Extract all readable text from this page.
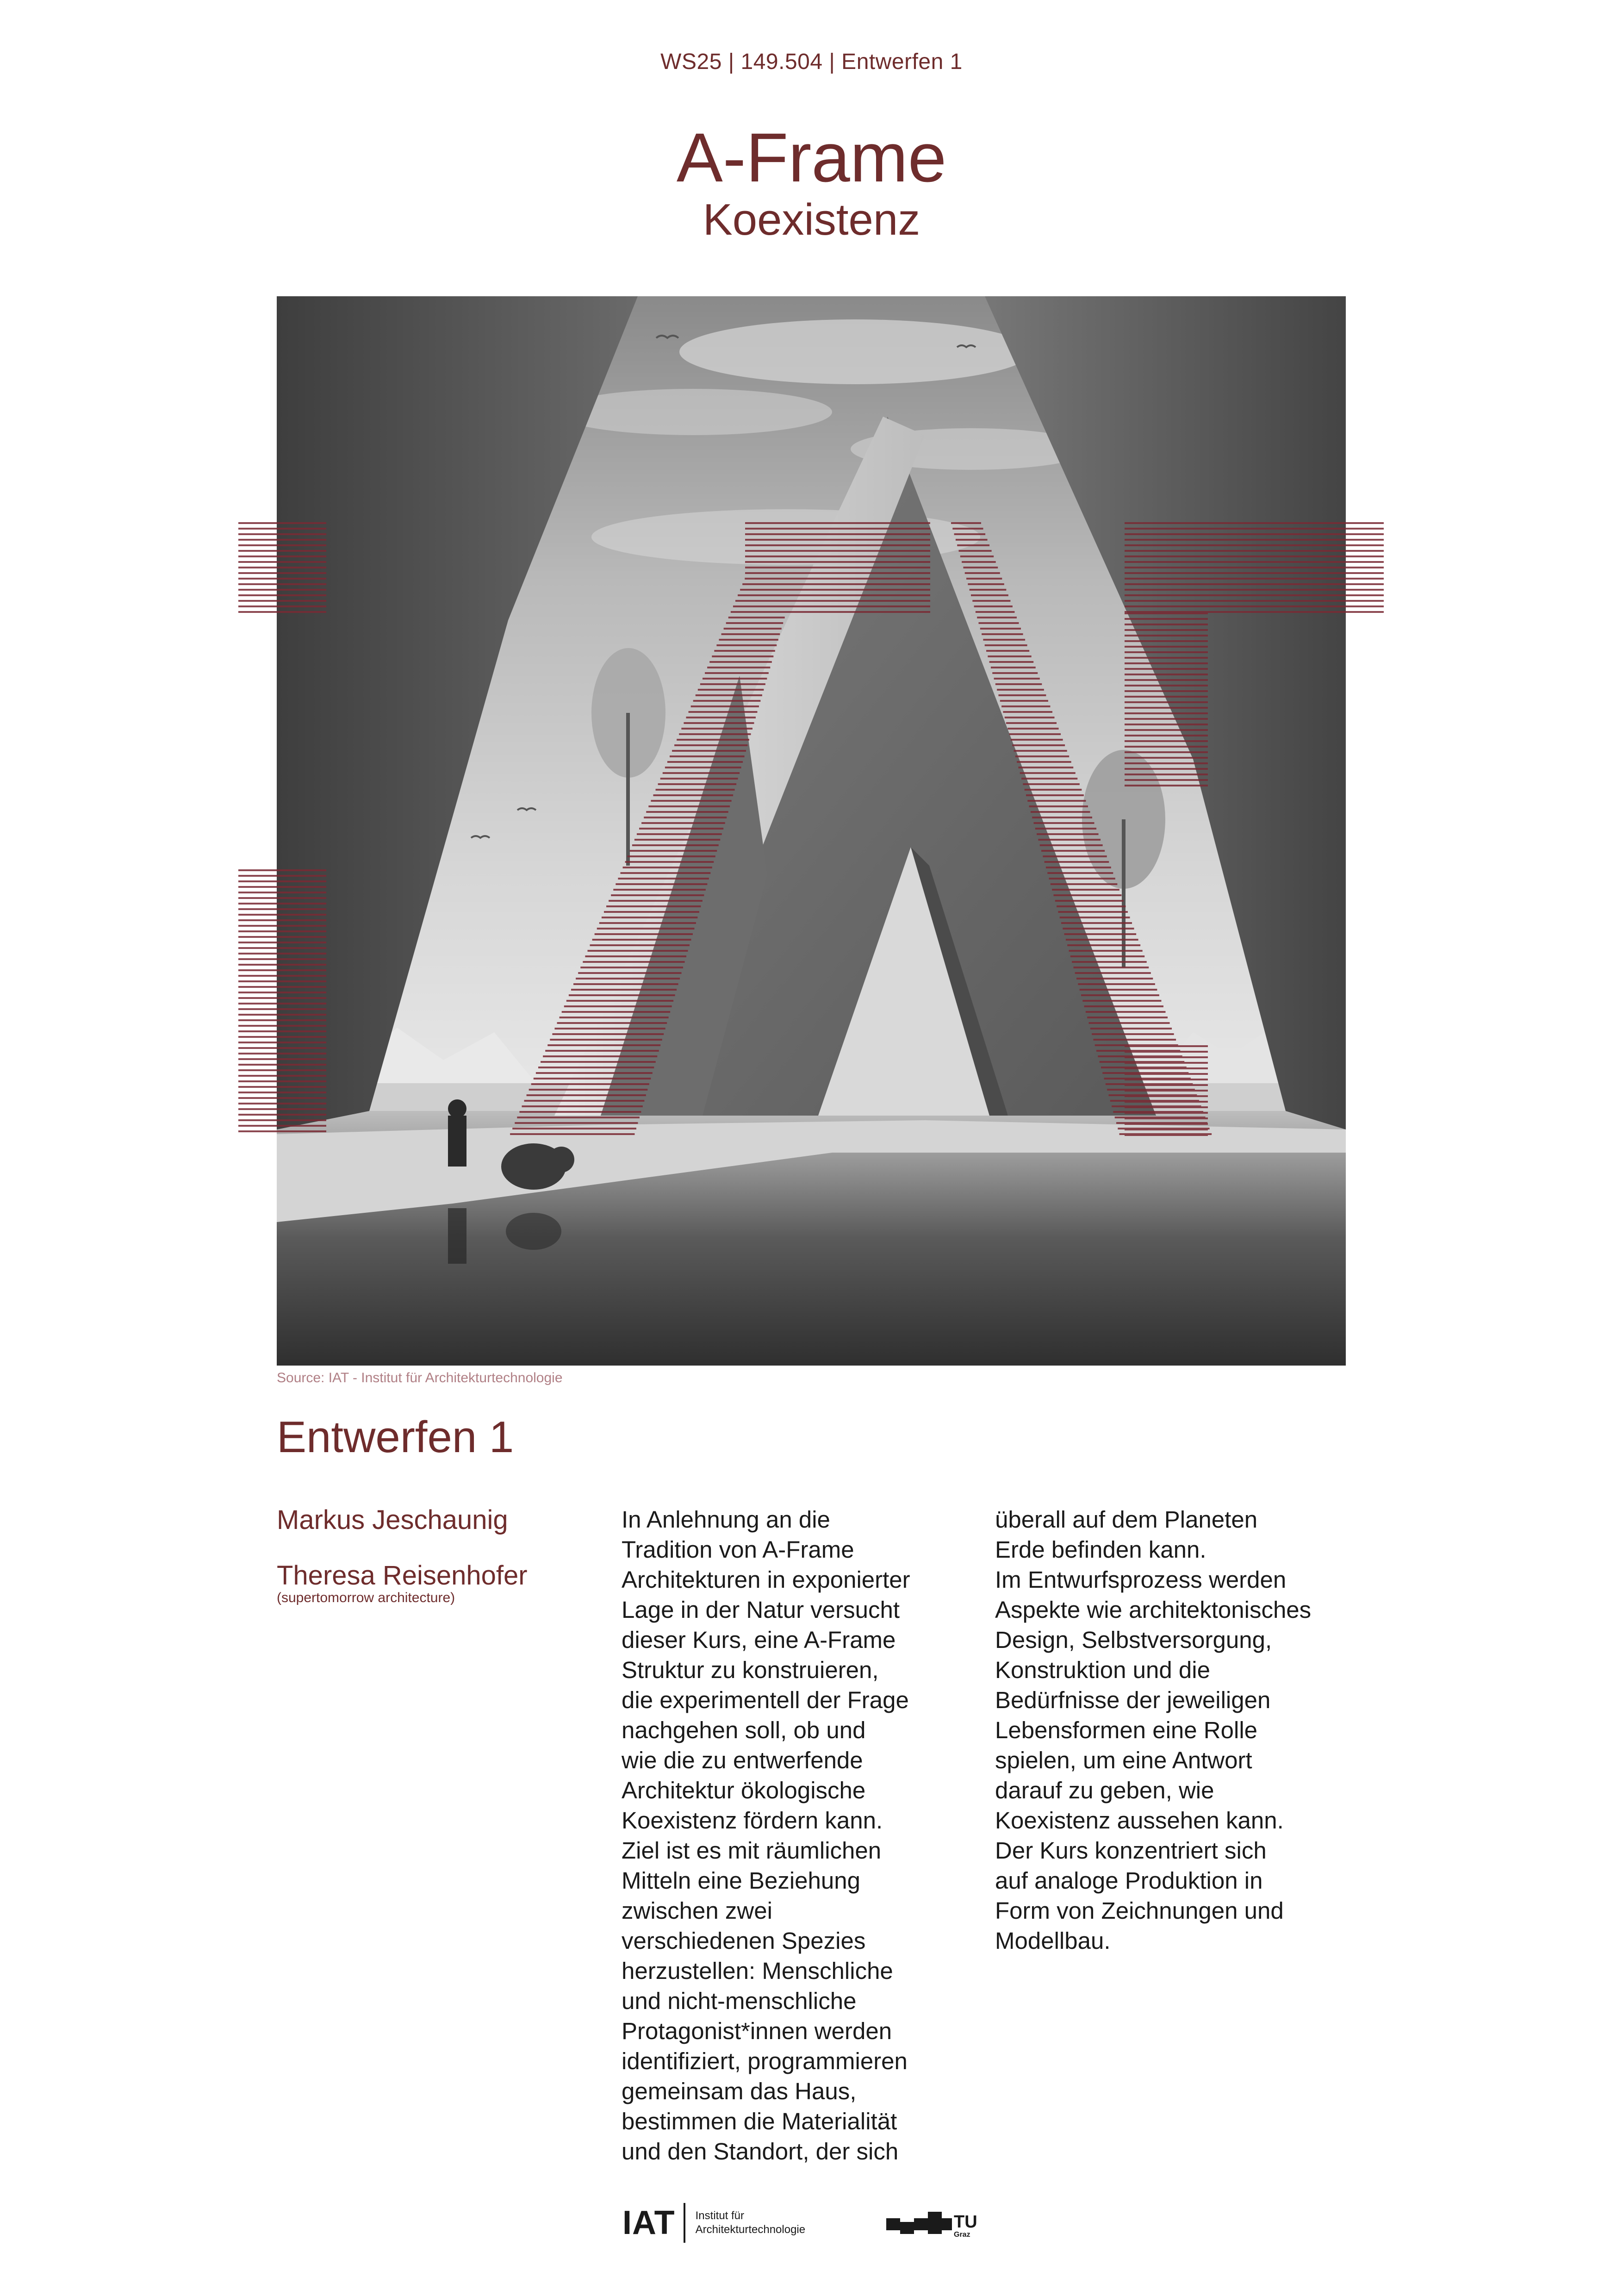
WS25 | 149.504 | Entwerfen 1
A-Frame
Koexistenz
Source: IAT - Institut für Architekturtechnologie
Entwerfen 1
Markus Jeschaunig
Theresa Reisenhofer
(supertomorrow architecture)
In Anlehnung an die
Tradition von A-Frame
Architekturen in exponierter
Lage in der Natur versucht
dieser Kurs, eine A-Frame
Struktur zu konstruieren,
die experimentell der Frage
nachgehen soll, ob und
wie die zu entwerfende
Architektur ökologische
Koexistenz fördern kann.
Ziel ist es mit räumlichen
Mitteln eine Beziehung
zwischen zwei
verschiedenen Spezies
herzustellen: Menschliche
und nicht-menschliche
Protagonist*innen werden
identifiziert, programmieren
gemeinsam das Haus,
bestimmen die Materialität
und den Standort, der sich
überall auf dem Planeten
Erde befinden kann.
Im Entwurfsprozess werden
Aspekte wie architektonisches
Design, Selbstversorgung,
Konstruktion und die
Bedürfnisse der jeweiligen
Lebensformen eine Rolle
spielen, um eine Antwort
darauf zu geben, wie
Koexistenz aussehen kann.
Der Kurs konzentriert sich
auf analoge Produktion in
Form von Zeichnungen und
Modellbau.
IAT Institut für
Architekturtechnologie	TU
Graz
